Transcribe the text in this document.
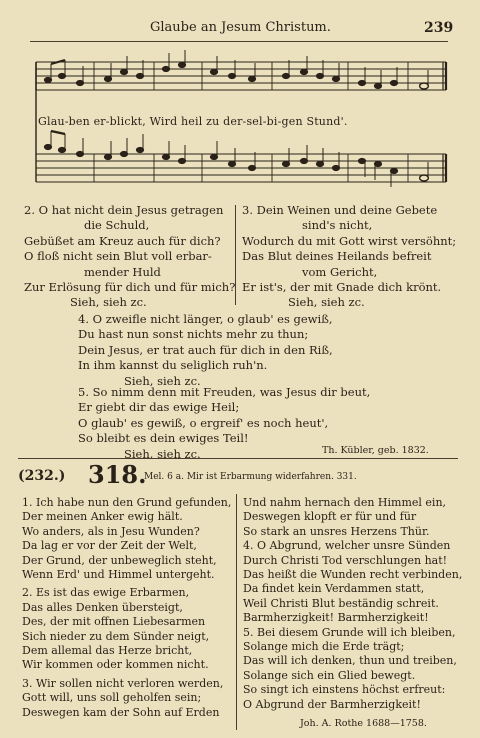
Glaube an Jesum Christum.	239
Glau-ben er-blickt, Wird heil zu der-sel-bi-gen Stund'.
2. O hat nicht dein Jesus getragen
die Schuld,
Gebüßet am Kreuz auch für dich?
O floß nicht sein Blut voll erbar-
mender Huld
Zur Erlösung für dich und für mich?
Sieh, sieh zc.
3. Dein Weinen und deine Gebete
sind's nicht,
Wodurch du mit Gott wirst versöhnt;
Das Blut deines Heilands befreit
vom Gericht,
Er ist's, der mit Gnade dich krönt.
Sieh, sieh zc.
4. O zweifle nicht länger, o glaub' es gewiß,
Du hast nun sonst nichts mehr zu thun;
Dein Jesus, er trat auch für dich in den Riß,
In ihm kannst du seliglich ruh'n.
Sieh, sieh zc.
5. So nimm denn mit Freuden, was Jesus dir beut,
Er giebt dir das ewige Heil;
O glaub' es gewiß, o ergreif' es noch heut',
So bleibt es dein ewiges Teil!
Sieh, sieh zc.	Th. Kübler, geb. 1832.
(232.) 318.
Mel. 6 a. Mir ist Erbarmung widerfahren. 331.
1. Ich habe nun den Grund gefunden,
Der meinen Anker ewig hält.
Wo anders, als in Jesu Wunden?
Da lag er vor der Zeit der Welt,
Der Grund, der unbeweglich steht,
Wenn Erd' und Himmel untergeht.
2. Es ist das ewige Erbarmen,
Das alles Denken übersteigt,
Des, der mit offnen Liebesarmen
Sich nieder zu dem Sünder neigt,
Dem allemal das Herze bricht,
Wir kommen oder kommen nicht.
3. Wir sollen nicht verloren werden,
Gott will, uns soll geholfen sein;
Deswegen kam der Sohn auf Erden
Und nahm hernach den Himmel ein,
Deswegen klopft er für und für
So stark an unsres Herzens Thür.
4. O Abgrund, welcher unsre Sünden
Durch Christi Tod verschlungen hat!
Das heißt die Wunden recht verbinden,
Da findet kein Verdammen statt,
Weil Christi Blut beständig schreit.
Barmherzigkeit! Barmherzigkeit!
5. Bei diesem Grunde will ich bleiben,
Solange mich die Erde trägt;
Das will ich denken, thun und treiben,
Solange sich ein Glied bewegt.
So singt ich einstens höchst erfreut:
O Abgrund der Barmherzigkeit!
Joh. A. Rothe 1688—1758.
